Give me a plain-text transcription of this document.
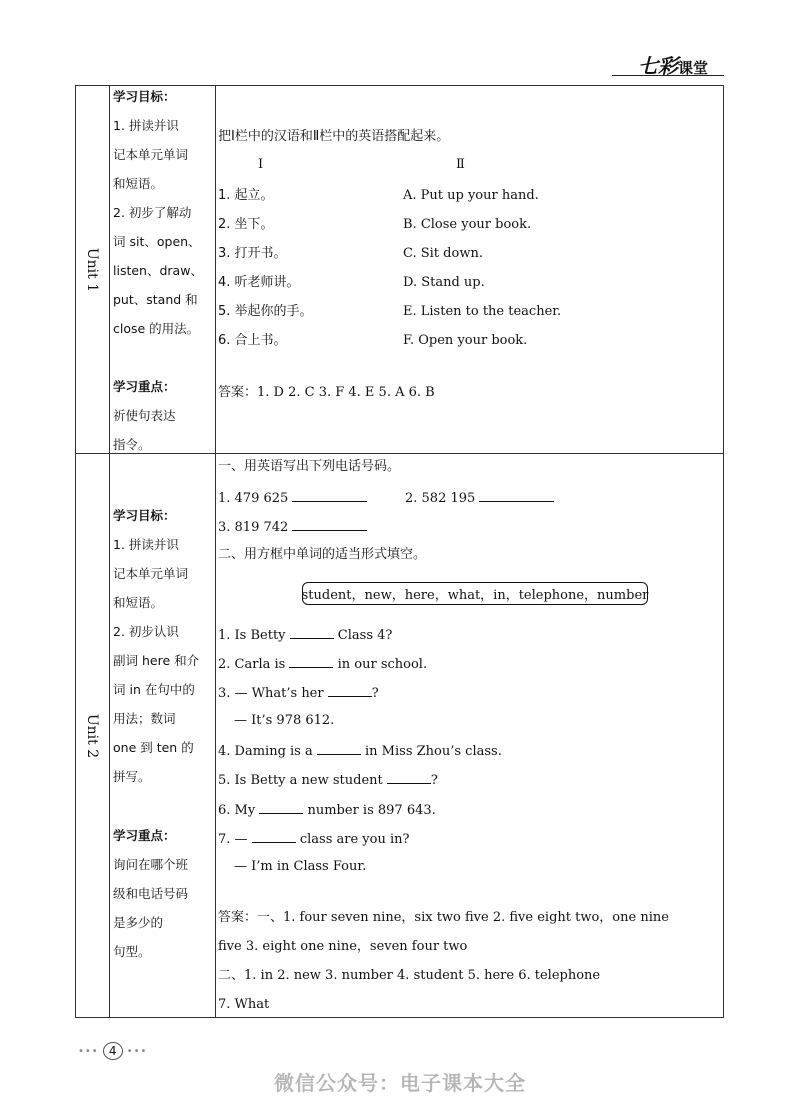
七彩课堂
Unit 1
学习目标：
1. 拼读并识
记本单元单词
和短语。
2. 初步了解动
词 sit、open、
listen、draw、
put、stand 和
close 的用法。
学习重点：
祈使句表达
指令。
把Ⅰ栏中的汉语和Ⅱ栏中的英语搭配起来。
Ⅰ	Ⅱ
1. 起立。	A. Put up your hand.
2. 坐下。	B. Close your book.
3. 打开书。	C. Sit down.
4. 听老师讲。	D. Stand up.
5. 举起你的手。	E. Listen to the teacher.
6. 合上书。	F. Open your book.
答案：1. D 2. C 3. F 4. E 5. A 6. B
Unit 2
学习目标：
1. 拼读并识
记本单元单词
和短语。
2. 初步认识
副词 here 和介
词 in 在句中的
用法；数词
one 到 ten 的
拼写。
学习重点：
询问在哪个班
级和电话号码
是多少的
句型。
一、用英语写出下列电话号码。
1. 479 625	2. 582 195
3. 819 742
二、用方框中单词的适当形式填空。
student，new，here，what，in，telephone，number
1. Is Betty	Class 4?
2. Carla is	in our school.
3. — What’s her	?
— It’s 978 612.
4. Daming is a	in Miss Zhou’s class.
5. Is Betty a new student	?
6. My	number is 897 643.
7. —	class are you in?
— I’m in Class Four.
答案：一、1. four seven nine，six two five 2. five eight two，one nine
five 3. eight one nine，seven four two
二、1. in 2. new 3. number 4. student 5. here 6. telephone
7. What
••• 4	•••
微信公众号：电子课本大全
